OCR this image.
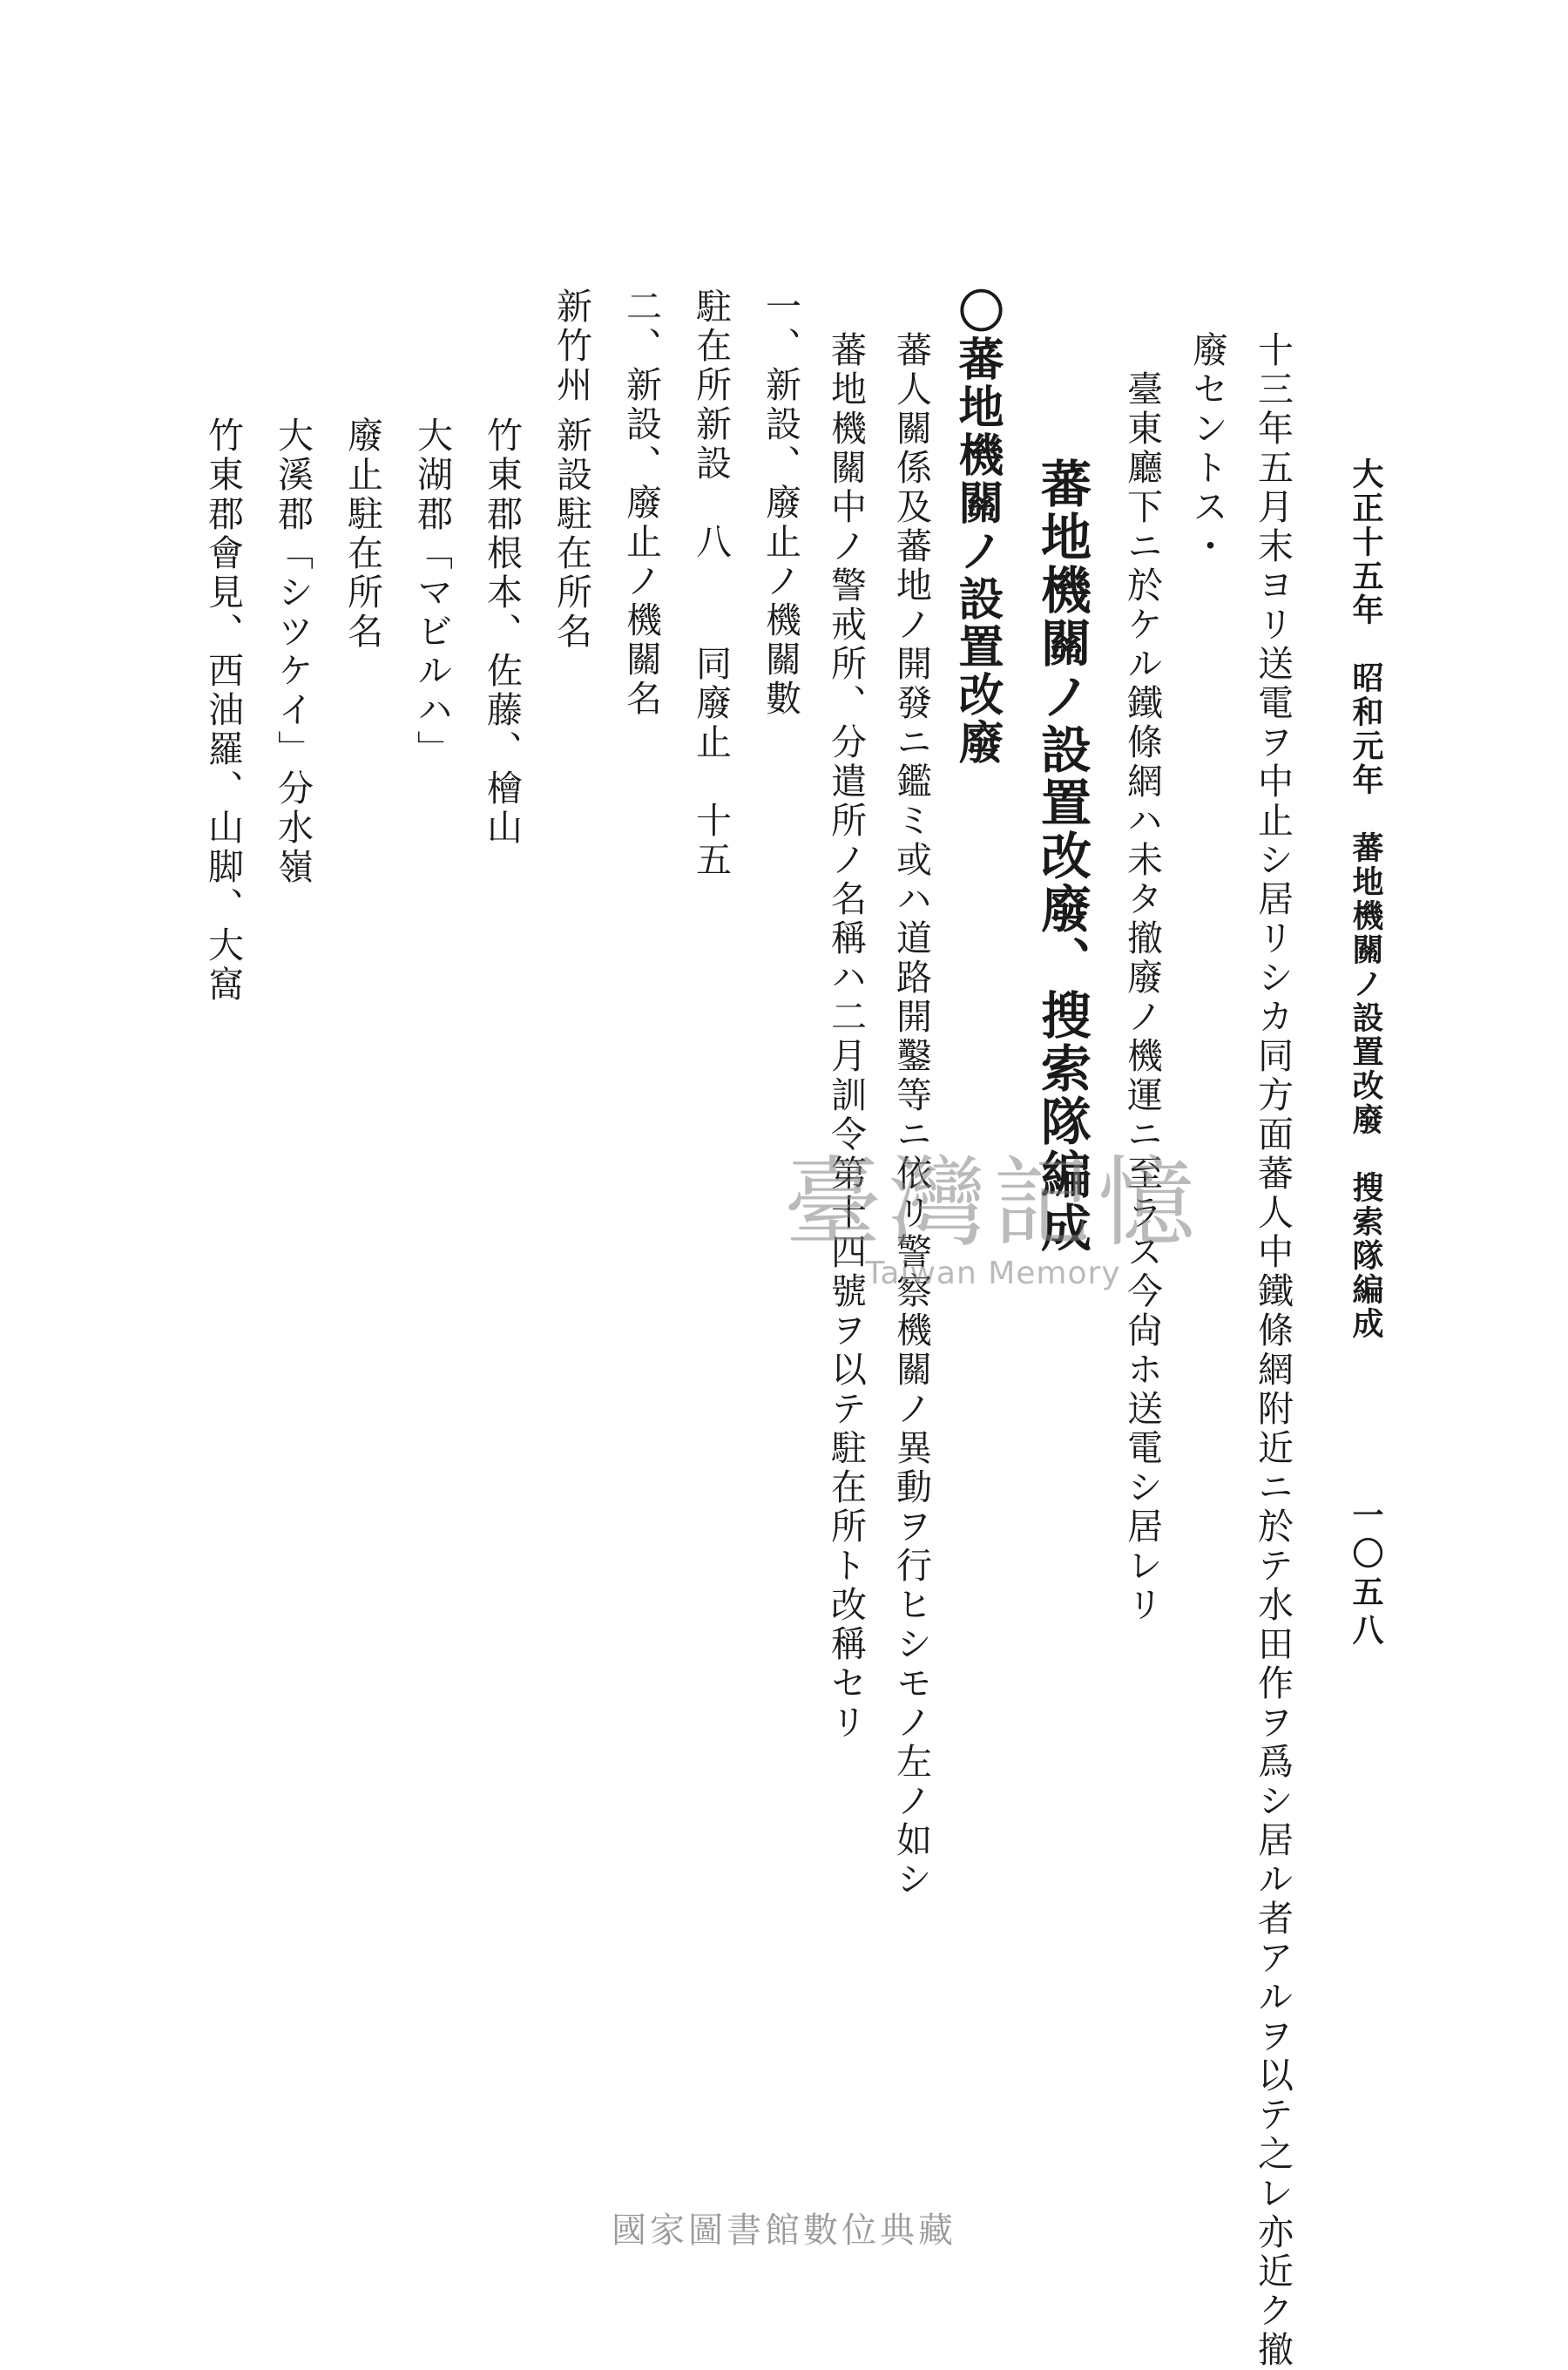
大正十五年　昭和元年　蕃地機關ノ設置改廢　搜索隊編成
一〇五八
十三年五月末ヨリ送電ヲ中止シ居リシカ同方面蕃人中鐵條網附近ニ於テ水田作ヲ爲シ居ル者アルヲ以テ之レ亦近ク撤
廢セントス・
臺東廳下ニ於ケル鐵條網ハ未タ撤廢ノ機運ニ至ラス今尙ホ送電シ居レリ
蕃地機關ノ設置改廢、搜索隊編成
〇蕃地機關ノ設置改廢
蕃人關係及蕃地ノ開發ニ鑑ミ或ハ道路開鑿等ニ依リ警察機關ノ異動ヲ行ヒシモノ左ノ如シ
蕃地機關中ノ警戒所、分遣所ノ名稱ハ二月訓令第十四號ヲ以テ駐在所ト改稱セリ
一、新設、廢止ノ機關數
駐在所新設　八
同廢止　十五
二、新設、廢止ノ機關名
新竹州
新設駐在所名
竹東郡根本、佐藤、檜山
大湖郡「マビルハ」
廢止駐在所名
大溪郡「シツケイ」分水嶺
竹東郡會見、西油羅、山脚、大窩
臺灣記憶
Taiwan Memory
國家圖書館數位典藏
